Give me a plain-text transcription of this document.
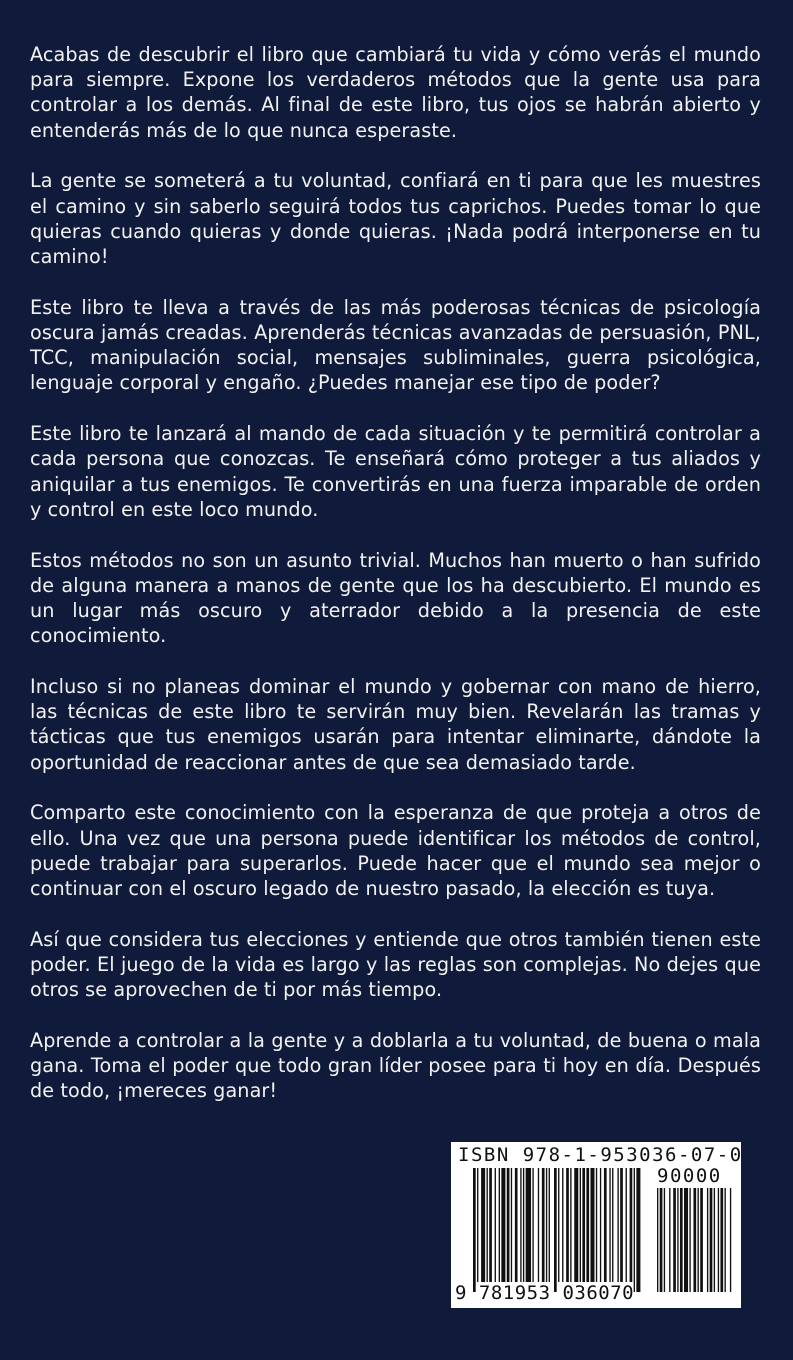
Acabas de descubrir el libro que cambiará tu vida y cómo verás el mundo para siempre. Expone los verdaderos métodos que la gente usa para controlar a los demás. Al final de este libro, tus ojos se habrán abierto y entenderás más de lo que nunca esperaste.

La gente se someterá a tu voluntad, confiará en ti para que les muestres el camino y sin saberlo seguirá todos tus caprichos. Puedes tomar lo que quieras cuando quieras y donde quieras. ¡Nada podrá interponerse en tu camino!

Este libro te lleva a través de las más poderosas técnicas de psicología oscura jamás creadas. Aprenderás técnicas avanzadas de persuasión, PNL, TCC, manipulación social, mensajes subliminales, guerra psicológica, lenguaje corporal y engaño. ¿Puedes manejar ese tipo de poder?

Este libro te lanzará al mando de cada situación y te permitirá controlar a cada persona que conozcas. Te enseñará cómo proteger a tus aliados y aniquilar a tus enemigos. Te convertirás en una fuerza imparable de orden y control en este loco mundo.

Estos métodos no son un asunto trivial. Muchos han muerto o han sufrido de alguna manera a manos de gente que los ha descubierto. El mundo es un lugar más oscuro y aterrador debido a la presencia de este conocimiento.

Incluso si no planeas dominar el mundo y gobernar con mano de hierro, las técnicas de este libro te servirán muy bien. Revelarán las tramas y tácticas que tus enemigos usarán para intentar eliminarte, dándote la oportunidad de reaccionar antes de que sea demasiado tarde.

Comparto este conocimiento con la esperanza de que proteja a otros de ello. Una vez que una persona puede identificar los métodos de control, puede trabajar para superarlos. Puede hacer que el mundo sea mejor o continuar con el oscuro legado de nuestro pasado, la elección es tuya.

Así que considera tus elecciones y entiende que otros también tienen este poder. El juego de la vida es largo y las reglas son complejas. No dejes que otros se aprovechen de ti por más tiempo.

Aprende a controlar a la gente y a doblarla a tu voluntad, de buena o mala gana. Toma el poder que todo gran líder posee para ti hoy en día. Después de todo, ¡mereces ganar!

ISBN 978-1-953036-07-0
90000
9 781953 036070
